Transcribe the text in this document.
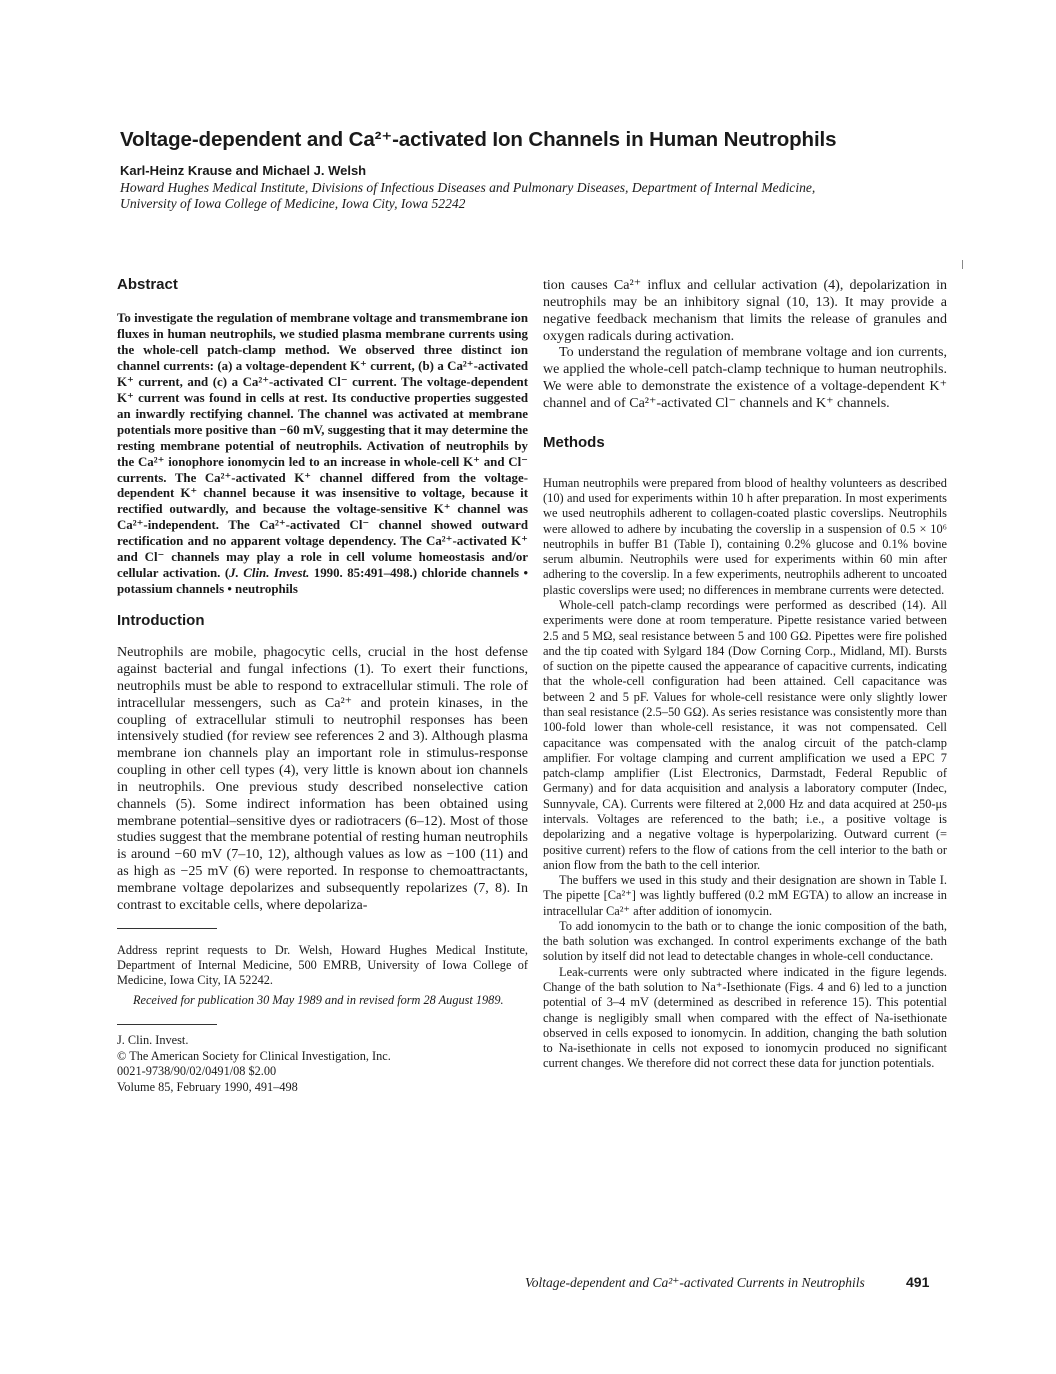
Voltage-dependent and Ca²⁺-activated Ion Channels in Human Neutrophils
Karl-Heinz Krause and Michael J. Welsh
Howard Hughes Medical Institute, Divisions of Infectious Diseases and Pulmonary Diseases, Department of Internal Medicine,
University of Iowa College of Medicine, Iowa City, Iowa 52242
Abstract

To investigate the regulation of membrane voltage and transmembrane ion fluxes in human neutrophils, we studied plasma membrane currents using the whole-cell patch-clamp method. We observed three distinct ion channel currents: (a) a voltage-dependent K⁺ current, (b) a Ca²⁺-activated K⁺ current, and (c) a Ca²⁺-activated Cl⁻ current. The voltage-dependent K⁺ current was found in cells at rest. Its conductive properties suggested an inwardly rectifying channel. The channel was activated at membrane potentials more positive than −60 mV, suggesting that it may determine the resting membrane potential of neutrophils. Activation of neutrophils by the Ca²⁺ ionophore ionomycin led to an increase in whole-cell K⁺ and Cl⁻ currents. The Ca²⁺-activated K⁺ channel differed from the voltage-dependent K⁺ channel because it was insensitive to voltage, because it rectified outwardly, and because the voltage-sensitive K⁺ channel was Ca²⁺-independent. The Ca²⁺-activated Cl⁻ channel showed outward rectification and no apparent voltage dependency. The Ca²⁺-activated K⁺ and Cl⁻ channels may play a role in cell volume homeostasis and/or cellular activation. (J. Clin. Invest. 1990. 85:491–498.) chloride channels • potassium channels • neutrophils

Introduction

Neutrophils are mobile, phagocytic cells, crucial in the host defense against bacterial and fungal infections (1). To exert their functions, neutrophils must be able to respond to extracellular stimuli. The role of intracellular messengers, such as Ca²⁺ and protein kinases, in the coupling of extracellular stimuli to neutrophil responses has been intensively studied (for review see references 2 and 3). Although plasma membrane ion channels play an important role in stimulus-response coupling in other cell types (4), very little is known about ion channels in neutrophils. One previous study described nonselective cation channels (5). Some indirect information has been obtained using membrane potential–sensitive dyes or radiotracers (6–12). Most of those studies suggest that the membrane potential of resting human neutrophils is around −60 mV (7–10, 12), although values as low as −100 (11) and as high as −25 mV (6) were reported. In response to chemoattractants, membrane voltage depolarizes and subsequently repolarizes (7, 8). In contrast to excitable cells, where depolariza-

Address reprint requests to Dr. Welsh, Howard Hughes Medical Institute, Department of Internal Medicine, 500 EMRB, University of Iowa College of Medicine, Iowa City, IA 52242.

Received for publication 30 May 1989 and in revised form 28 August 1989.

J. Clin. Invest.
© The American Society for Clinical Investigation, Inc.
0021-9738/90/02/0491/08 $2.00
Volume 85, February 1990, 491–498

tion causes Ca²⁺ influx and cellular activation (4), depolarization in neutrophils may be an inhibitory signal (10, 13). It may provide a negative feedback mechanism that limits the release of granules and oxygen radicals during activation.

To understand the regulation of membrane voltage and ion currents, we applied the whole-cell patch-clamp technique to human neutrophils. We were able to demonstrate the existence of a voltage-dependent K⁺ channel and of Ca²⁺-activated Cl⁻ channels and K⁺ channels.

Methods

Human neutrophils were prepared from blood of healthy volunteers as described (10) and used for experiments within 10 h after preparation. In most experiments we used neutrophils adherent to collagen-coated plastic coverslips. Neutrophils were allowed to adhere by incubating the coverslip in a suspension of 0.5 × 10⁶ neutrophils in buffer B1 (Table I), containing 0.2% glucose and 0.1% bovine serum albumin. Neutrophils were used for experiments within 60 min after adhering to the coverslip. In a few experiments, neutrophils adherent to uncoated plastic coverslips were used; no differences in membrane currents were detected.

Whole-cell patch-clamp recordings were performed as described (14). All experiments were done at room temperature. Pipette resistance varied between 2.5 and 5 MΩ, seal resistance between 5 and 100 GΩ. Pipettes were fire polished and the tip coated with Sylgard 184 (Dow Corning Corp., Midland, MI). Bursts of suction on the pipette caused the appearance of capacitive currents, indicating that the whole-cell configuration had been attained. Cell capacitance was between 2 and 5 pF. Values for whole-cell resistance were only slightly lower than seal resistance (2.5–50 GΩ). As series resistance was consistently more than 100-fold lower than whole-cell resistance, it was not compensated. Cell capacitance was compensated with the analog circuit of the patch-clamp amplifier. For voltage clamping and current amplification we used a EPC 7 patch-clamp amplifier (List Electronics, Darmstadt, Federal Republic of Germany) and for data acquisition and analysis a laboratory computer (Indec, Sunnyvale, CA). Currents were filtered at 2,000 Hz and data acquired at 250-μs intervals. Voltages are referenced to the bath; i.e., a positive voltage is depolarizing and a negative voltage is hyperpolarizing. Outward current (= positive current) refers to the flow of cations from the cell interior to the bath or anion flow from the bath to the cell interior.

The buffers we used in this study and their designation are shown in Table I. The pipette [Ca²⁺] was lightly buffered (0.2 mM EGTA) to allow an increase in intracellular Ca²⁺ after addition of ionomycin.

To add ionomycin to the bath or to change the ionic composition of the bath, the bath solution was exchanged. In control experiments exchange of the bath solution by itself did not lead to detectable changes in whole-cell conductance.

Leak-currents were only subtracted where indicated in the figure legends. Change of the bath solution to Na⁺-Isethionate (Figs. 4 and 6) led to a junction potential of 3–4 mV (determined as described in reference 15). This potential change is negligibly small when compared with the effect of Na-isethionate observed in cells exposed to ionomycin. In addition, changing the bath solution to Na-isethionate in cells not exposed to ionomycin produced no significant current changes. We therefore did not correct these data for junction potentials.

Voltage-dependent and Ca²⁺-activated Currents in Neutrophils	491
